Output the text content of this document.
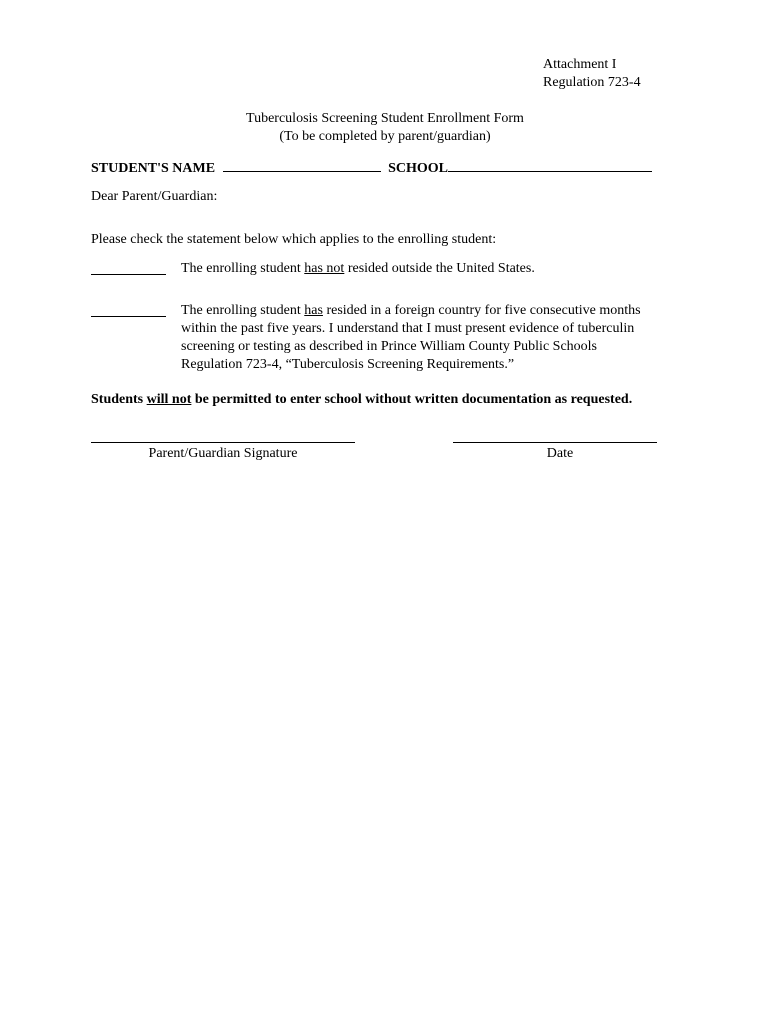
Attachment I
Regulation 723-4
Tuberculosis Screening Student Enrollment Form
(To be completed by parent/guardian)
STUDENT'S NAME	SCHOOL
Dear Parent/Guardian:
Please check the statement below which applies to the enrolling student:
The enrolling student has not resided outside the United States.
The enrolling student has resided in a foreign country for five consecutive months
within the past five years. I understand that I must present evidence of tuberculin
screening or testing as described in Prince William County Public Schools
Regulation 723-4, “Tuberculosis Screening Requirements.”
Students will not be permitted to enter school without written documentation as requested.
Parent/Guardian Signature	Date
